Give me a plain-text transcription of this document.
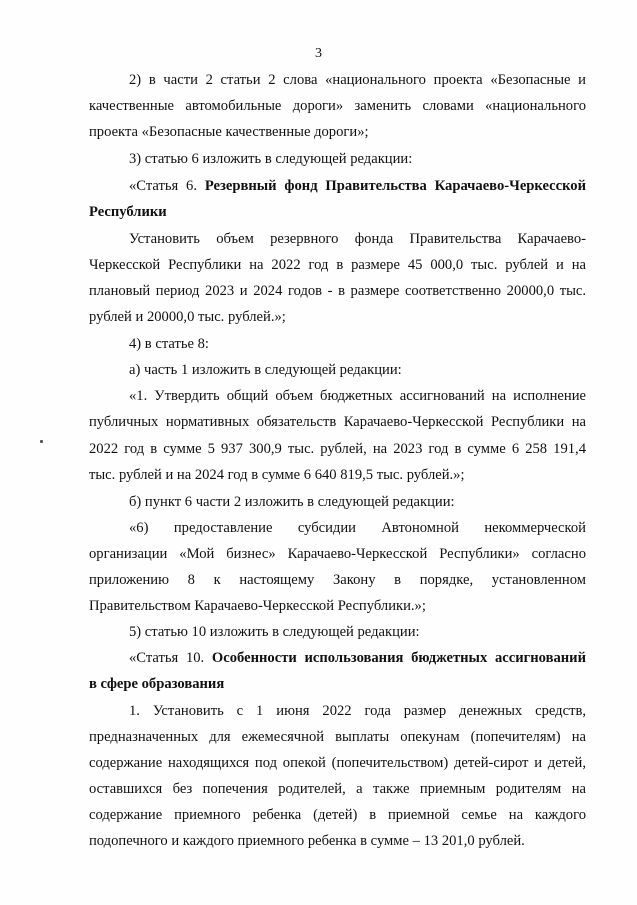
3
2) в части 2 статьи 2 слова «национального проекта «Безопасные и
качественные автомобильные дороги» заменить словами «национального
проекта «Безопасные качественные дороги»;
3) статью 6 изложить в следующей редакции:
«Статья 6. Резервный фонд Правительства Карачаево-Черкесской
Республики
Установить объем резервного фонда Правительства Карачаево-
Черкесской Республики на 2022 год в размере 45 000,0 тыс. рублей и на
плановый период 2023 и 2024 годов - в размере соответственно 20000,0 тыс.
рублей и 20000,0 тыс. рублей.»;
4) в статье 8:
а) часть 1 изложить в следующей редакции:
«1. Утвердить общий объем бюджетных ассигнований на исполнение
публичных нормативных обязательств Карачаево-Черкесской Республики на
2022 год в сумме 5 937 300,9 тыс. рублей, на 2023 год в сумме 6 258 191,4
тыс. рублей и на 2024 год в сумме 6 640 819,5 тыс. рублей.»;
б) пункт 6 части 2 изложить в следующей редакции:
«6) предоставление субсидии Автономной некоммерческой
организации «Мой бизнес» Карачаево-Черкесской Республики» согласно
приложению 8 к настоящему Закону в порядке, установленном
Правительством Карачаево-Черкесской Республики.»;
5) статью 10 изложить в следующей редакции:
«Статья 10. Особенности использования бюджетных ассигнований
в сфере образования
1. Установить с 1 июня 2022 года размер денежных средств,
предназначенных для ежемесячной выплаты опекунам (попечителям) на
содержание находящихся под опекой (попечительством) детей-сирот и детей,
оставшихся без попечения родителей, а также приемным родителям на
содержание приемного ребенка (детей) в приемной семье на каждого
подопечного и каждого приемного ребенка в сумме – 13 201,0 рублей.
